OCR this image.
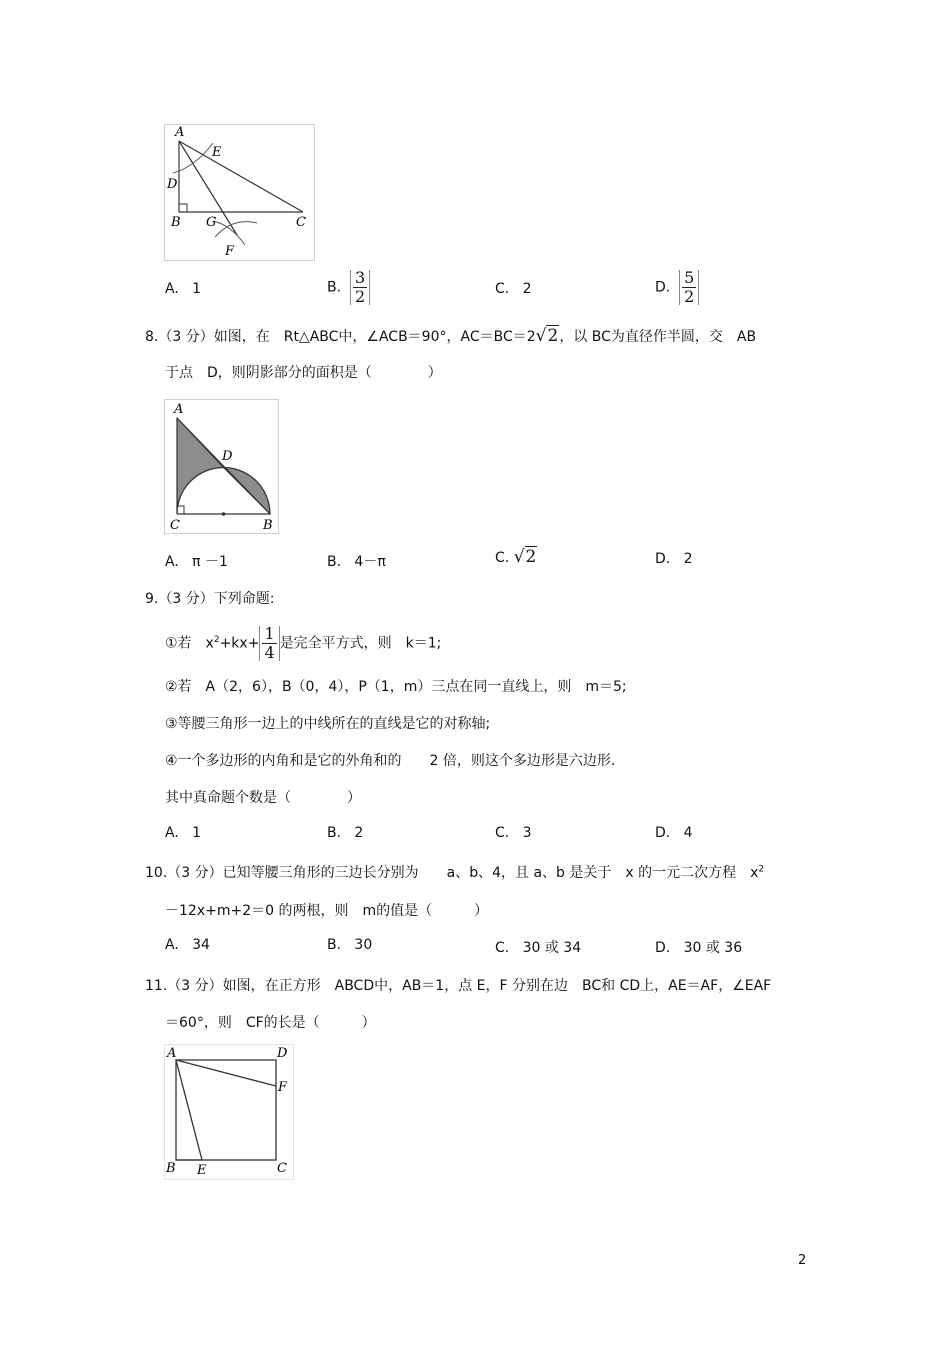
A
E
D
B G	C
F
A. 1	B. $\frac{3}{2}$	C. 2	D. $\frac{5}{2}$
8.（3 分）如图，在　Rt△ABC中，∠ACB＝90°，AC＝BC＝2√2，以 BC为直径作半圆，交　AB
于点　D，则阴影部分的面积是（　　　　）
A
D
C	B
A. π －1	B. 4－π	C. √2	D. 2
9.（3 分）下列命题:
①若　$x^2+kx+ \frac{1}{4}$ 是完全平方式，则　k＝1;
②若　A（2，6），B（0，4），P（1，m）三点在同一直线上，则　m＝5;
③等腰三角形一边上的中线所在的直线是它的对称轴;
④一个多边形的内角和是它的外角和的　　2 倍，则这个多边形是六边形.
其中真命题个数是（　　　　）
A. 1	B. 2	C. 3	D. 4
10.（3 分）已知等腰三角形的三边长分别为　　a、b、4，且 a、b 是关于　x 的一元二次方程　$x^2$
－12x+m+2＝0 的两根，则　m的值是（　　　）
A. 34	B. 30	C. 30 或 34	D. 30 或 36
11.（3 分）如图，在正方形　ABCD中，AB＝1，点 E，F 分别在边　BC和 CD上，AE＝AF，∠EAF
＝60°，则　CF的长是（　　　）
A	D
F
B E	C
2
